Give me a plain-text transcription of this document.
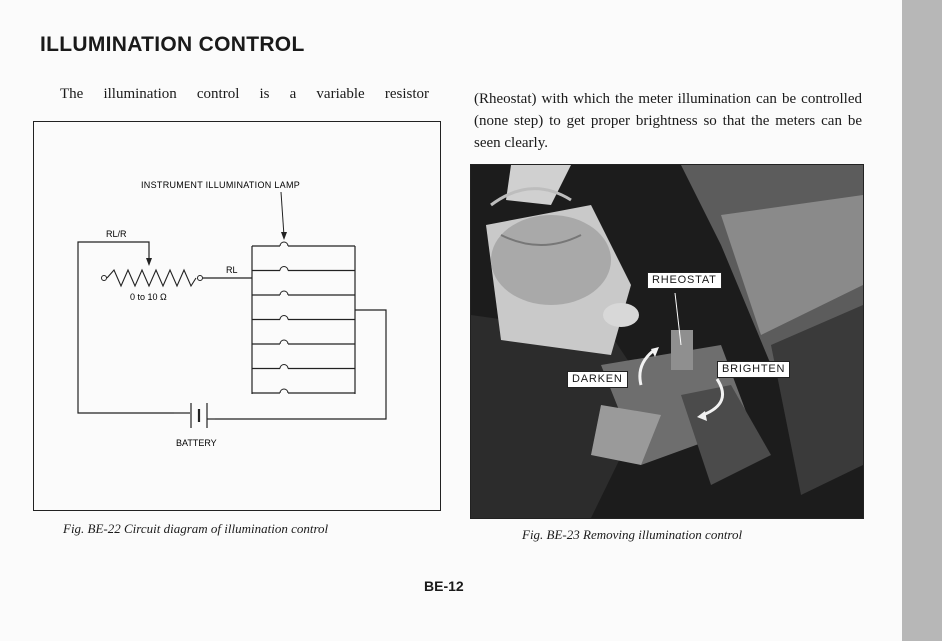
ILLUMINATION CONTROL
The illumination control is a variable resistor	(Rheostat) with which the meter illumination can be controlled (none step) to get proper brightness so that the meters can be seen clearly.
INSTRUMENT ILLUMINATION LAMP
RL/R
RL
0 to 10 Ω
BATTERY
RHEOSTAT
DARKEN
BRIGHTEN
Fig. BE-22 Circuit diagram of illumination control	Fig. BE-23 Removing illumination control
BE-12
